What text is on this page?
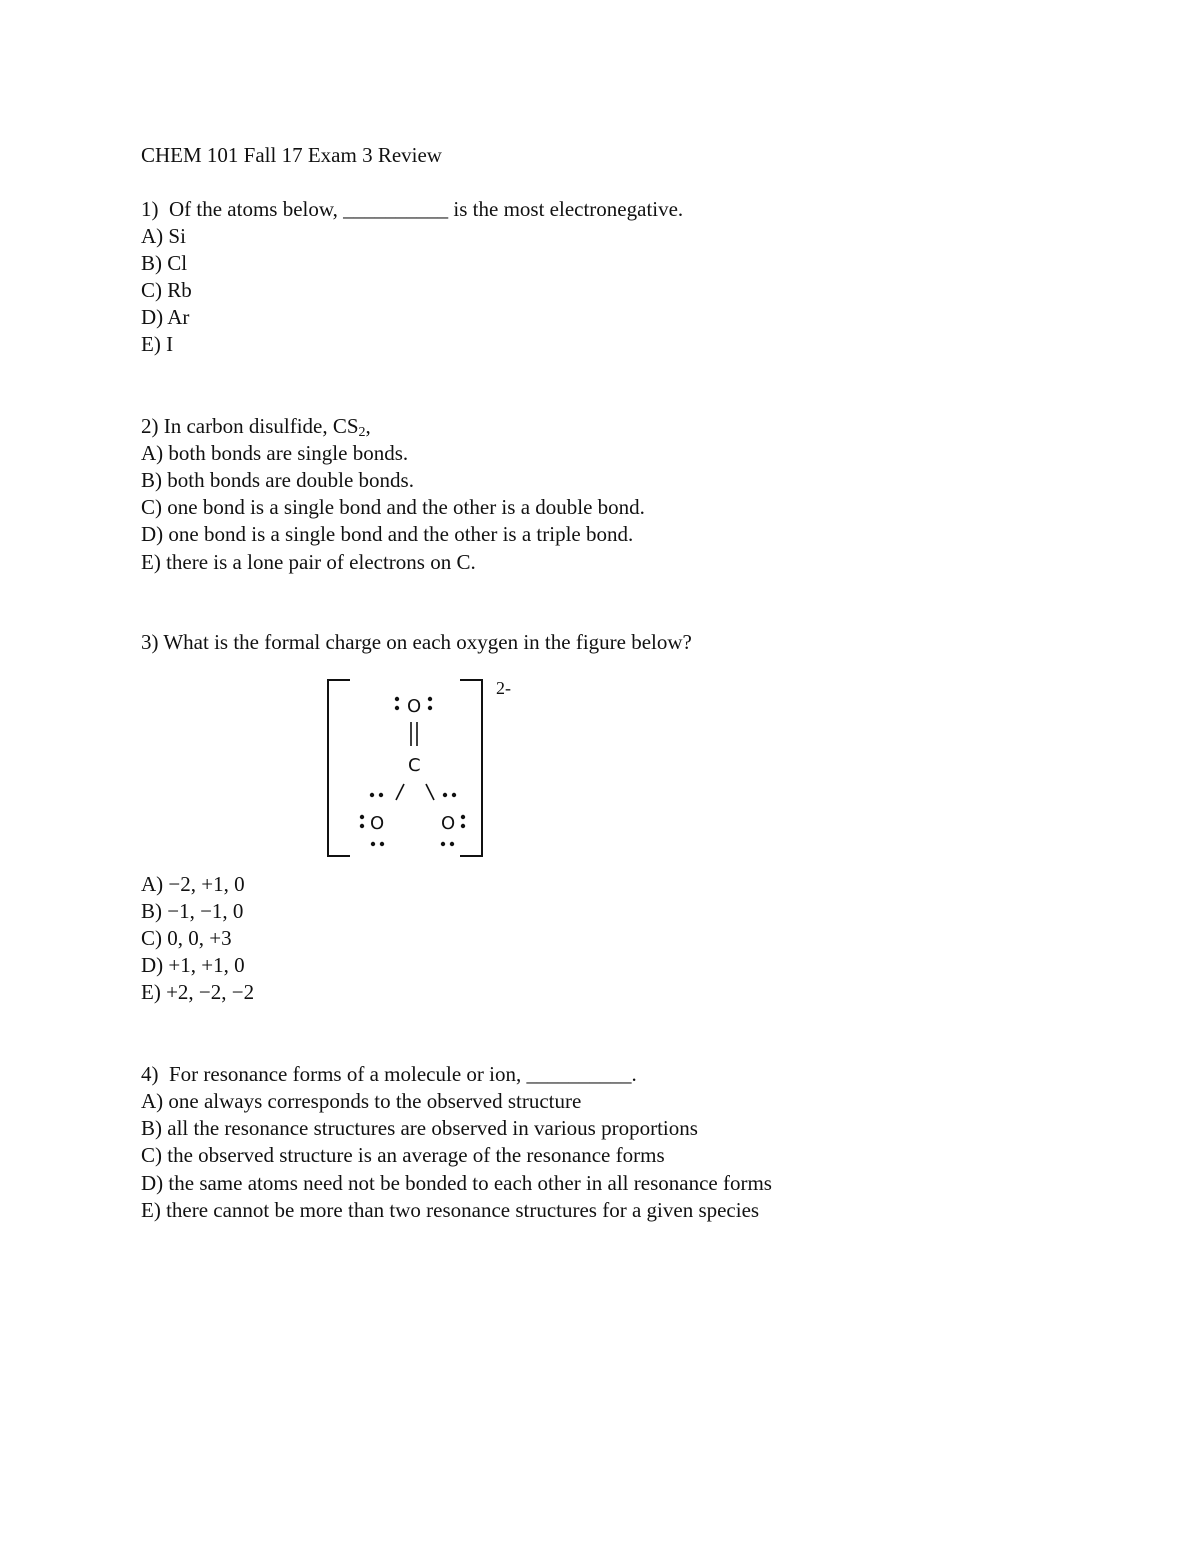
CHEM 101 Fall 17 Exam 3 Review
1)  Of the atoms below, __________ is the most electronegative.
A) Si
B) Cl
C) Rb
D) Ar
E) I
2) In carbon disulfide, $CS_2$,
A) both bonds are single bonds.
B) both bonds are double bonds.
C) one bond is a single bond and the other is a double bond.
D) one bond is a single bond and the other is a triple bond.
E) there is a lone pair of electrons on C.
3) What is the formal charge on each oxygen in the figure below?
2-
O
C
O	O
A) −2, +1, 0
B) −1, −1, 0
C) 0, 0, +3
D) +1, +1, 0
E) +2, −2, −2
4)  For resonance forms of a molecule or ion, __________.
A) one always corresponds to the observed structure
B) all the resonance structures are observed in various proportions
C) the observed structure is an average of the resonance forms
D) the same atoms need not be bonded to each other in all resonance forms
E) there cannot be more than two resonance structures for a given species
